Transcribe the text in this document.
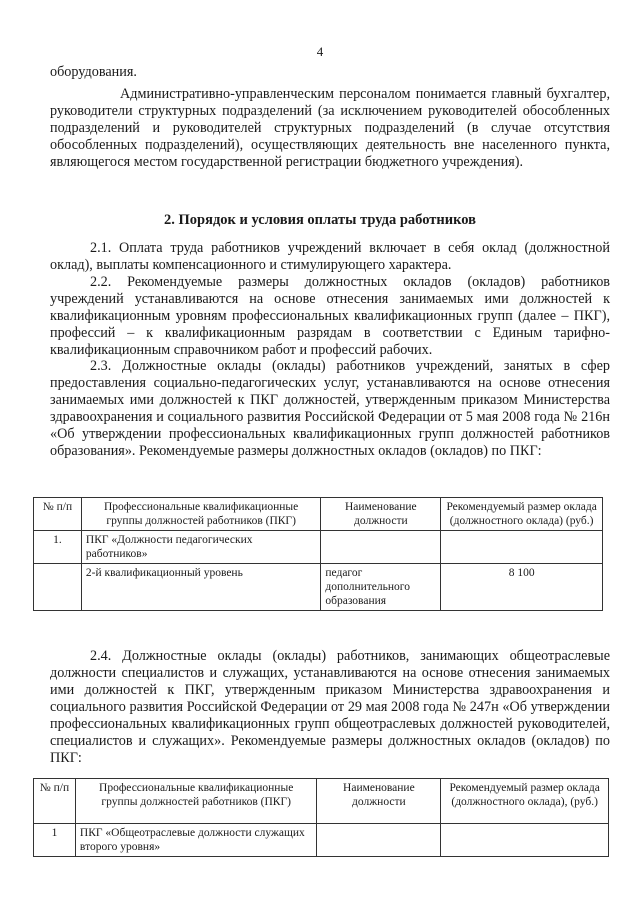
4
оборудования.
Административно-управленческим персоналом понимается главный бухгалтер, руководители структурных подразделений (за исключением руководителей обособленных подразделений и руководителей структурных подразделений (в случае отсутствия обособленных подразделений), осуществляющих деятельность вне населенного пункта, являющегося местом государственной регистрации бюджетного учреждения).
2. Порядок и условия оплаты труда работников
2.1. Оплата труда работников учреждений включает в себя оклад (должностной оклад), выплаты компенсационного и стимулирующего характера.
2.2. Рекомендуемые размеры должностных окладов (окладов) работников учреждений устанавливаются на основе отнесения занимаемых ими должностей к квалификационным уровням профессиональных квалификационных групп (далее – ПКГ), профессий – к квалификационным разрядам в соответствии с Единым тарифно-квалификационным справочником работ и профессий рабочих.
2.3. Должностные оклады (оклады) работников учреждений, занятых в сфер предоставления социально-педагогических услуг, устанавливаются на основе отнесения занимаемых ими должностей к ПКГ должностей, утвержденным приказом Министерства здравоохранения и социального развития Российской Федерации от 5 мая 2008 года № 216н «Об утверждении профессиональных квалификационных групп должностей работников образования». Рекомендуемые размеры должностных окладов (окладов) по ПКГ:
№ п/п	Профессиональные квалификационные группы должностей работников (ПКГ)	Наименование должности	Рекомендуемый размер оклада (должностного оклада) (руб.)
1.	ПКГ «Должности педагогических работников»		
	2-й квалификационный уровень	педагог дополнительного образования	8 100
2.4. Должностные оклады (оклады) работников, занимающих общеотраслевые должности специалистов и служащих, устанавливаются на основе отнесения занимаемых ими должностей к ПКГ, утвержденным приказом Министерства здравоохранения и социального развития Российской Федерации от 29 мая 2008 года № 247н «Об утверждении профессиональных квалификационных групп общеотраслевых должностей руководителей, специалистов и служащих». Рекомендуемые размеры должностных окладов (окладов) по ПКГ:
№ п/п	Профессиональные квалификационные группы должностей работников (ПКГ)	Наименование должности	Рекомендуемый размер оклада (должностного оклада), (руб.)
1	ПКГ «Общеотраслевые должности служащих второго уровня»		
